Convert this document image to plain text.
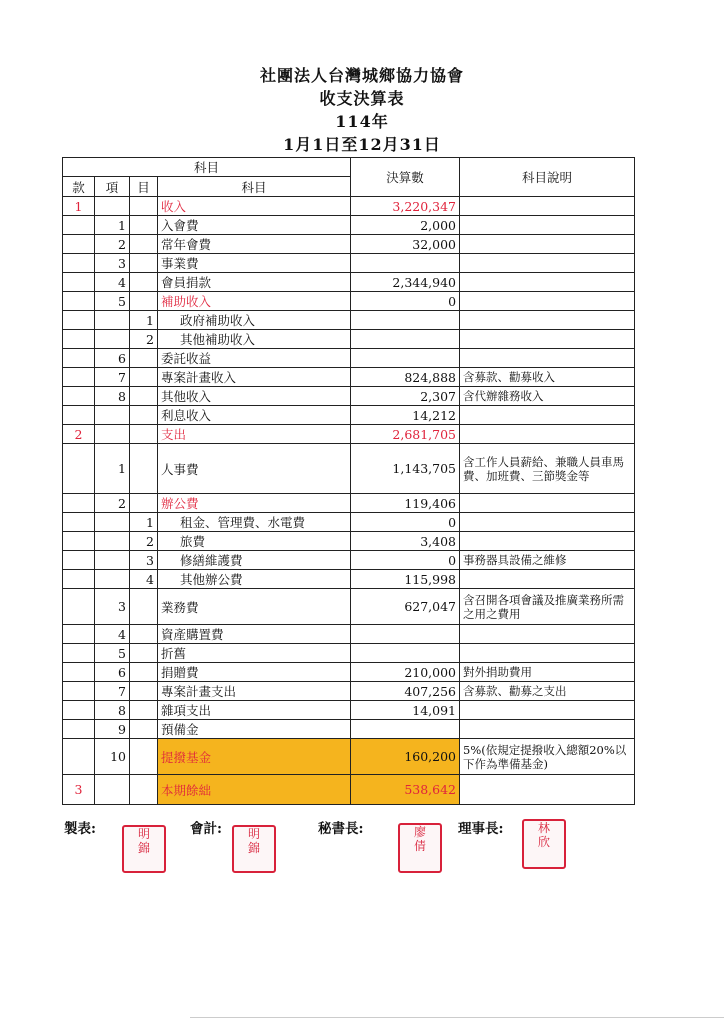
社團法人台灣城鄉協力協會
收支決算表
114年
1月1日至12月31日
科目				決算數	科目說明
款	項	目	科目		
1			收入	3,220,347	
	1		入會費	2,000	
	2		常年會費	32,000	
	3		事業費		
	4		會員捐款	2,344,940	
	5		補助收入	0	
		1	政府補助收入		
		2	其他補助收入		
	6		委託收益		
	7		專案計畫收入	824,888	含募款、勸募收入
	8		其他收入	2,307	含代辦雜務收入
			利息收入	14,212	
2			支出	2,681,705	
	1		人事費	1,143,705	含工作人員薪給、兼職人員車馬費、加班費、三節獎金等
	2		辦公費	119,406	
		1	租金、管理費、水電費	0	
		2	旅費	3,408	
		3	修繕維護費	0	事務器具設備之維修
		4	其他辦公費	115,998	
	3		業務費	627,047	含召開各項會議及推廣業務所需之用之費用
	4		資產購置費		
	5		折舊		
	6		捐贈費	210,000	對外捐助費用
	7		專案計畫支出	407,256	含募款、勸募之支出
	8		雜項支出	14,091	
	9		預備金		
	10		提撥基金	160,200	5%(依規定提撥收入總額20%以下作為準備基金)
3			本期餘絀	538,642	
製表:	明
錦
會計:	明
錦
秘書長:	廖
倩
理事長:	林
欣
